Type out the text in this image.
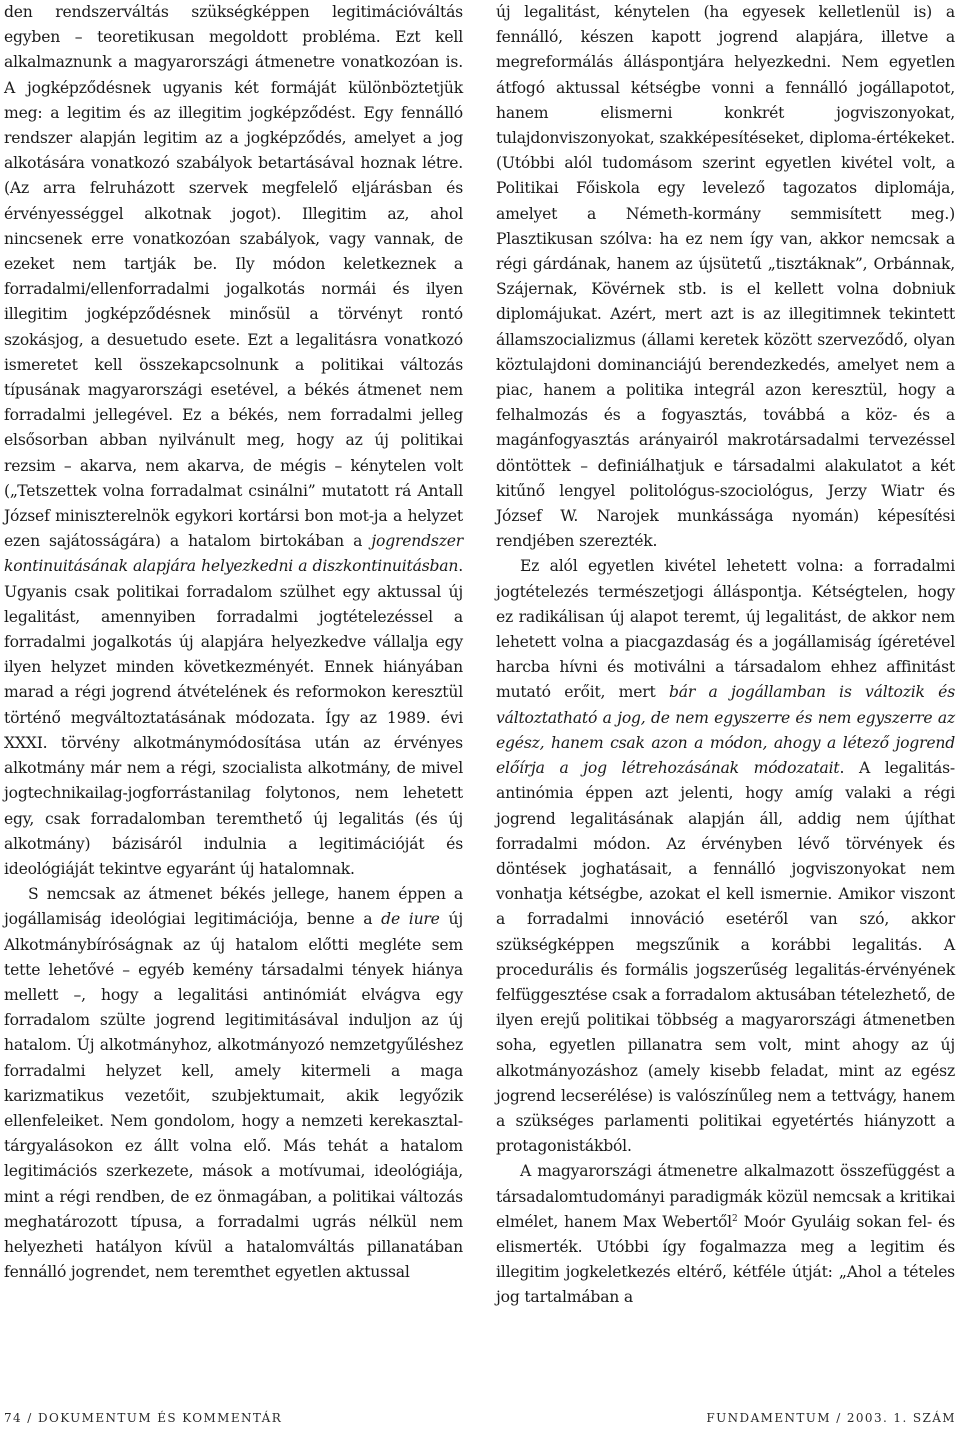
den rendszerváltás szükségképpen legitimációváltás egyben – teoretikusan megoldott probléma. Ezt kell alkalmaznunk a magyarországi átmenetre vonatkozóan is. A jogképződésnek ugyanis két formáját különböztetjük meg: a legitim és az illegitim jogképződést. Egy fennálló rendszer alapján legitim az a jogképződés, amelyet a jog alkotására vonatkozó szabályok betartásával hoznak létre. (Az arra felruházott szervek megfelelő eljárásban és érvényességgel alkotnak jogot). Illegitim az, ahol nincsenek erre vonatkozóan szabályok, vagy vannak, de ezeket nem tartják be. Ily módon keletkeznek a forradalmi/ellenforradalmi jogalkotás normái és ilyen illegitim jogképződésnek minősül a törvényt rontó szokásjog, a desuetudo esete. Ezt a legalitásra vonatkozó ismeretet kell összekapcsolnunk a politikai változás típusának magyarországi esetével, a békés átmenet nem forradalmi jellegével. Ez a békés, nem forradalmi jelleg elsősorban abban nyilvánult meg, hogy az új politikai rezsim – akarva, nem akarva, de mégis – kénytelen volt („Tetszettek volna forradalmat csinálni” mutatott rá Antall József miniszterelnök egykori kortársi bon mot-ja a helyzet ezen sajátosságára) a hatalom birtokában a jogrendszer kontinuitásának alapjára helyezkedni a diszkontinuitásban. Ugyanis csak politikai forradalom szülhet egy aktussal új legalitást, amennyiben forradalmi jogtételezéssel a forradalmi jogalkotás új alapjára helyezkedve vállalja egy ilyen helyzet minden következményét. Ennek hiányában marad a régi jogrend átvételének és reformokon keresztül történő megváltoztatásának módozata. Így az 1989. évi XXXI. törvény alkotmánymódosítása után az érvényes alkotmány már nem a régi, szocialista alkotmány, de mivel jogtechnikailag-jogforrástanilag folytonos, nem lehetett egy, csak forradalomban teremthető új legalitás (és új alkotmány) bázisáról indulnia a legitimációját és ideológiáját tekintve egyaránt új hatalomnak.

S nemcsak az átmenet békés jellege, hanem éppen a jogállamiság ideológiai legitimációja, benne a de iure új Alkotmánybíróságnak az új hatalom előtti megléte sem tette lehetővé – egyéb kemény társadalmi tények hiánya mellett –, hogy a legalitási antinómiát elvágva egy forradalom szülte jogrend legitimitásával induljon az új hatalom. Új alkotmányhoz, alkotmányozó nemzetgyűléshez forradalmi helyzet kell, amely kitermeli a maga karizmatikus vezetőit, szubjektumait, akik legyőzik ellenfeleiket. Nem gondolom, hogy a nemzeti kerekasztal-tárgyalásokon ez állt volna elő. Más tehát a hatalom legitimációs szerkezete, mások a motívumai, ideológiája, mint a régi rendben, de ez önmagában, a politikai változás meghatározott típusa, a forradalmi ugrás nélkül nem helyezheti hatályon kívül a hatalomváltás pillanatában fennálló jogrendet, nem teremthet egyetlen aktussal

új legalitást, kénytelen (ha egyesek kelletlenül is) a fennálló, készen kapott jogrend alapjára, illetve a megreformálás álláspontjára helyezkedni. Nem egyetlen átfogó aktussal kétségbe vonni a fennálló jogállapotot, hanem elismerni konkrét jogviszonyokat, tulajdonviszonyokat, szakképesítéseket, diploma-értékeket. (Utóbbi alól tudomásom szerint egyetlen kivétel volt, a Politikai Főiskola egy levelező tagozatos diplomája, amelyet a Németh-kormány semmisített meg.) Plasztikusan szólva: ha ez nem így van, akkor nemcsak a régi gárdának, hanem az újsütetű „tisztáknak”, Orbánnak, Szájernak, Kövérnek stb. is el kellett volna dobniuk diplomájukat. Azért, mert azt is az illegitimnek tekintett államszocializmus (állami keretek között szerveződő, olyan köztulajdoni dominanciájú berendezkedés, amelyet nem a piac, hanem a politika integrál azon keresztül, hogy a felhalmozás és a fogyasztás, továbbá a köz- és a magánfogyasztás arányairól makrotársadalmi tervezéssel döntöttek – definiálhatjuk e társadalmi alakulatot a két kitűnő lengyel politológus-szociológus, Jerzy Wiatr és József W. Narojek munkássága nyomán) képesítési rendjében szerezték.

Ez alól egyetlen kivétel lehetett volna: a forradalmi jogtételezés természetjogi álláspontja. Kétségtelen, hogy ez radikálisan új alapot teremt, új legalitást, de akkor nem lehetett volna a piacgazdaság és a jogállamiság ígéretével harcba hívni és motiválni a társadalom ehhez affinitást mutató erőit, mert bár a jogállamban is változik és változtatható a jog, de nem egyszerre és nem egyszerre az egész, hanem csak azon a módon, ahogy a létező jogrend előírja a jog létrehozásának módozatait. A legalitás-antinómia éppen azt jelenti, hogy amíg valaki a régi jogrend legalitásának alapján áll, addig nem újíthat forradalmi módon. Az érvényben lévő törvények és döntések joghatásait, a fennálló jogviszonyokat nem vonhatja kétségbe, azokat el kell ismernie. Amikor viszont a forradalmi innováció esetéről van szó, akkor szükségképpen megszűnik a korábbi legalitás. A procedurális és formális jogszerűség legalitás-érvényének felfüggesztése csak a forradalom aktusában tételezhető, de ilyen erejű politikai többség a magyarországi átmenetben soha, egyetlen pillanatra sem volt, mint ahogy az új alkotmányozáshoz (amely kisebb feladat, mint az egész jogrend lecserélése) is valószínűleg nem a tettvágy, hanem a szükséges parlamenti politikai egyetértés hiányzott a protagonistákból.

A magyarországi átmenetre alkalmazott összefüggést a társadalomtudományi paradigmák közül nemcsak a kritikai elmélet, hanem Max Webertől$^2$ Moór Gyuláig sokan fel- és elismerték. Utóbbi így fogalmazza meg a legitim és illegitim jogkeletkezés eltérő, kétféle útját: „Ahol a tételes jog tartalmában a

74 / DOKUMENTUM ÉS KOMMENTÁR	FUNDAMENTUM / 2003. 1. SZÁM
